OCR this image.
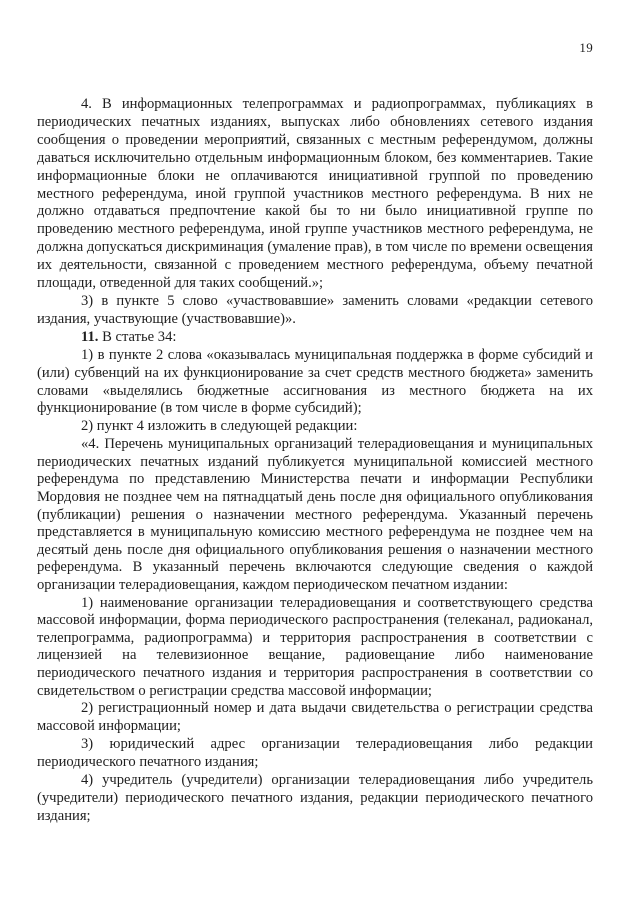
19

4. В информационных телепрограммах и радиопрограммах, публикациях в периодических печатных изданиях, выпусках либо обновлениях сетевого издания сообщения о проведении мероприятий, связанных с местным референдумом, должны даваться исключительно отдельным информационным блоком, без комментариев. Такие информационные блоки не оплачиваются инициативной группой по проведению местного референдума, иной группой участников местного референдума. В них не должно отдаваться предпочтение какой бы то ни было инициативной группе по проведению местного референдума, иной группе участников местного референдума, не должна допускаться дискриминация (умаление прав), в том числе по времени освещения их деятельности, связанной с проведением местного референдума, объему печатной площади, отведенной для таких сообщений.»;

3) в пункте 5 слово «участвовавшие» заменить словами «редакции сетевого издания, участвующие (участвовавшие)».

11. В статье 34:

1) в пункте 2 слова «оказывалась муниципальная поддержка в форме субсидий и (или) субвенций на их функционирование за счет средств местного бюджета» заменить словами «выделялись бюджетные ассигнования из местного бюджета на их функционирование (в том числе в форме субсидий);

2) пункт 4 изложить в следующей редакции:

«4. Перечень муниципальных организаций телерадиовещания и муниципальных периодических печатных изданий публикуется муниципальной комиссией местного референдума по представлению Министерства печати и информации Республики Мордовия не позднее чем на пятнадцатый день после дня официального опубликования (публикации) решения о назначении местного референдума. Указанный перечень представляется в муниципальную комиссию местного референдума не позднее чем на десятый день после дня официального опубликования решения о назначении местного референдума. В указанный перечень включаются следующие сведения о каждой организации телерадиовещания, каждом периодическом печатном издании:

1) наименование организации телерадиовещания и соответствующего средства массовой информации, форма периодического распространения (телеканал, радиоканал, телепрограмма, радиопрограмма) и территория распространения в соответствии с лицензией на телевизионное вещание, радиовещание либо наименование периодического печатного издания и территория распространения в соответствии со свидетельством о регистрации средства массовой информации;

2) регистрационный номер и дата выдачи свидетельства о регистрации средства массовой информации;

3) юридический адрес организации телерадиовещания либо редакции периодического печатного издания;

4) учредитель (учредители) организации телерадиовещания либо учредитель (учредители) периодического печатного издания, редакции периодического печатного издания;
